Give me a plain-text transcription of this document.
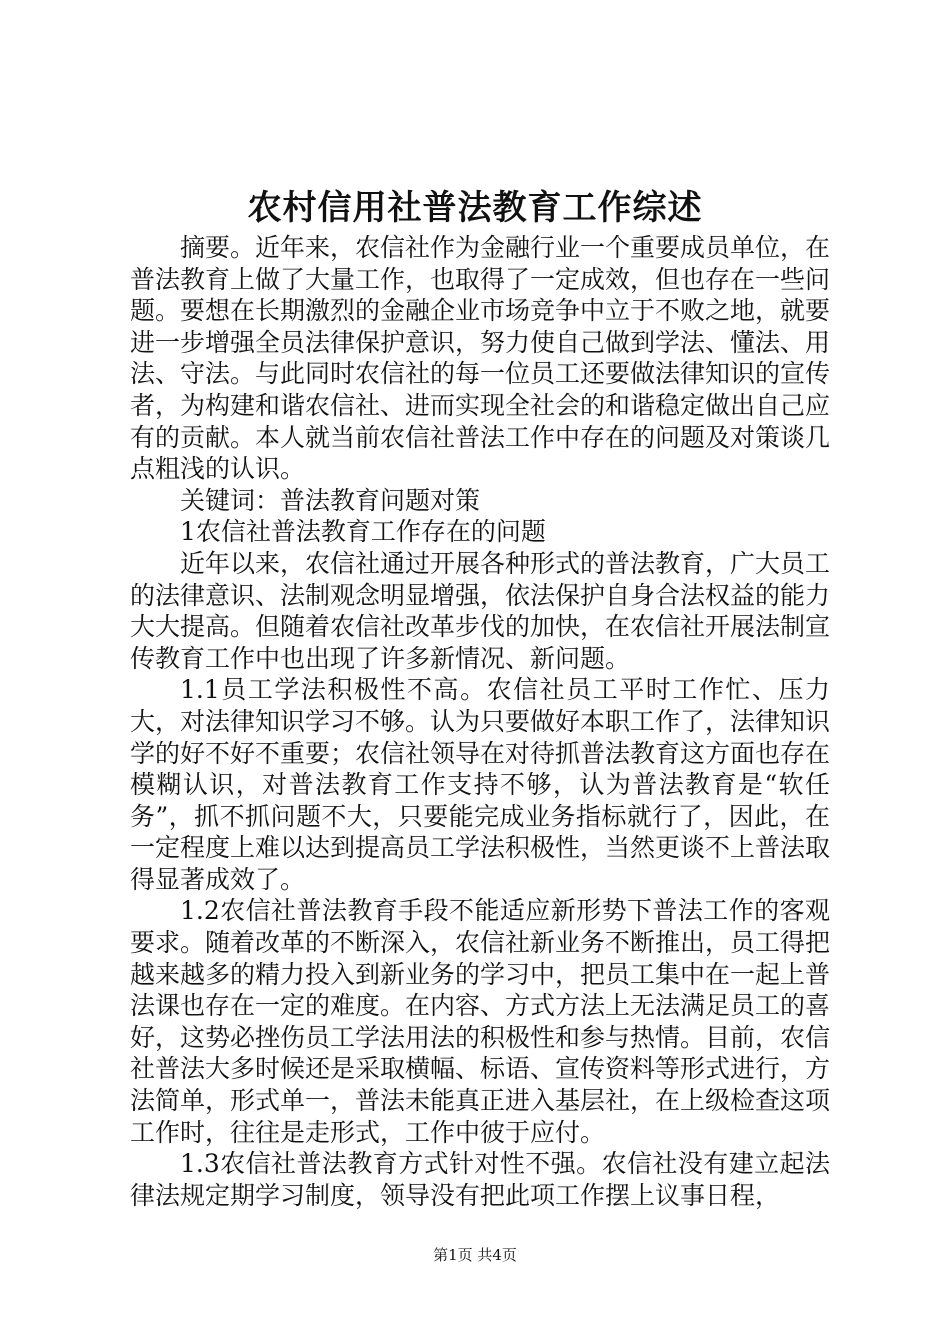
农村信用社普法教育工作综述

摘要。近年来，农信社作为金融行业一个重要成员单位，在普法教育上做了大量工作，也取得了一定成效，但也存在一些问题。要想在长期激烈的金融企业市场竞争中立于不败之地，就要进一步增强全员法律保护意识，努力使自己做到学法、懂法、用法、守法。与此同时农信社的每一位员工还要做法律知识的宣传者，为构建和谐农信社、进而实现全社会的和谐稳定做出自己应有的贡献。本人就当前农信社普法工作中存在的问题及对策谈几点粗浅的认识。

关键词：普法教育问题对策

1农信社普法教育工作存在的问题

近年以来，农信社通过开展各种形式的普法教育，广大员工的法律意识、法制观念明显增强，依法保护自身合法权益的能力大大提高。但随着农信社改革步伐的加快，在农信社开展法制宣传教育工作中也出现了许多新情况、新问题。

1.1员工学法积极性不高。农信社员工平时工作忙、压力大，对法律知识学习不够。认为只要做好本职工作了，法律知识学的好不好不重要；农信社领导在对待抓普法教育这方面也存在模糊认识，对普法教育工作支持不够，认为普法教育是“软任务”，抓不抓问题不大，只要能完成业务指标就行了，因此，在一定程度上难以达到提高员工学法积极性，当然更谈不上普法取得显著成效了。

1.2农信社普法教育手段不能适应新形势下普法工作的客观要求。随着改革的不断深入，农信社新业务不断推出，员工得把越来越多的精力投入到新业务的学习中，把员工集中在一起上普法课也存在一定的难度。在内容、方式方法上无法满足员工的喜好，这势必挫伤员工学法用法的积极性和参与热情。目前，农信社普法大多时候还是采取横幅、标语、宣传资料等形式进行，方法简单，形式单一，普法未能真正进入基层社，在上级检查这项工作时，往往是走形式，工作中彼于应付。

1.3农信社普法教育方式针对性不强。农信社没有建立起法律法规定期学习制度，领导没有把此项工作摆上议事日程，

第1页 共4页
